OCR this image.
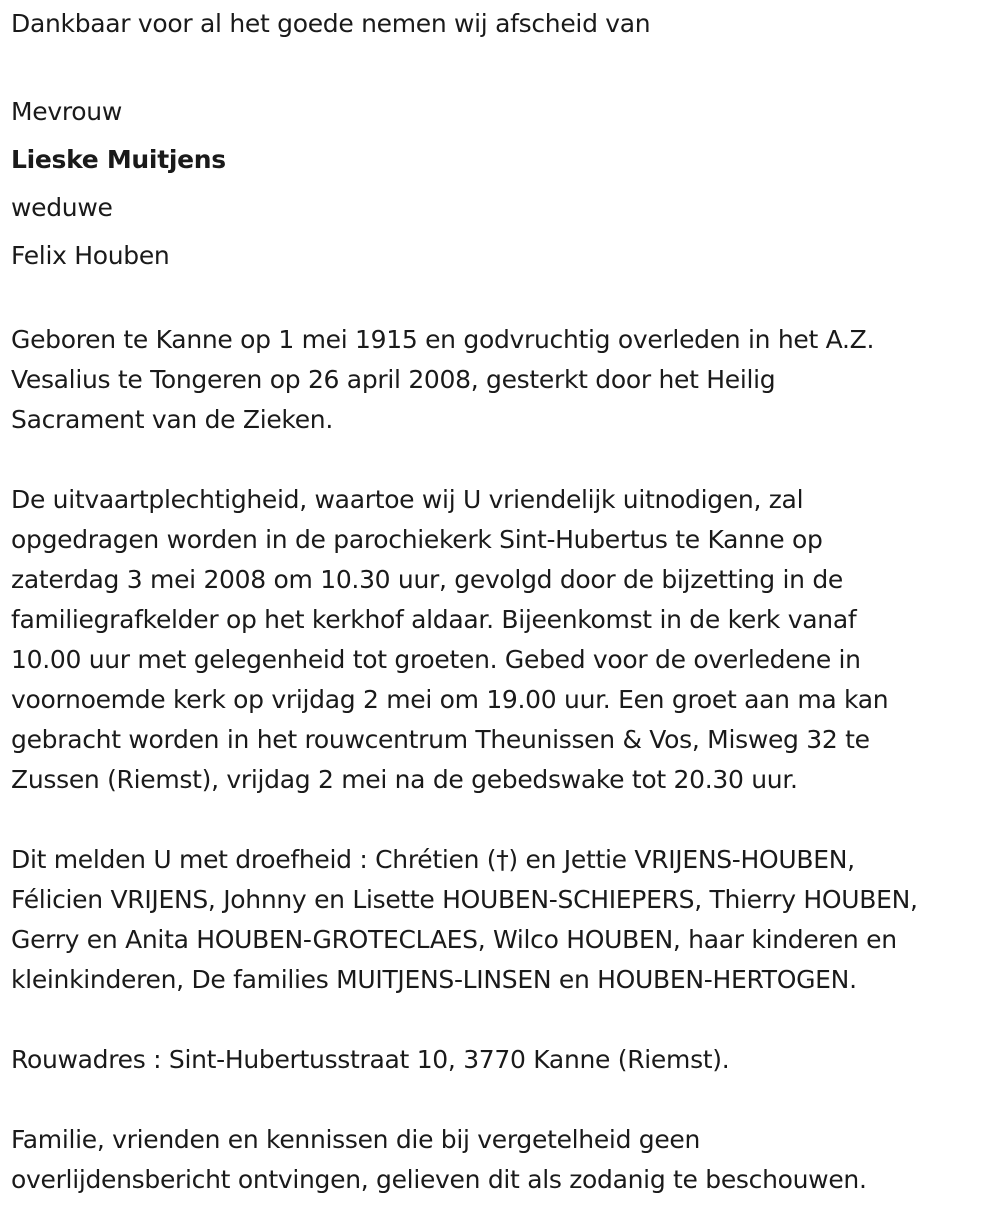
Dankbaar voor al het goede nemen wij afscheid van
Mevrouw
Lieske Muitjens
weduwe
Felix Houben
Geboren te Kanne op 1 mei 1915 en godvruchtig overleden in het A.Z.
Vesalius te Tongeren op 26 april 2008, gesterkt door het Heilig
Sacrament van de Zieken.
De uitvaartplechtigheid, waartoe wij U vriendelijk uitnodigen, zal
opgedragen worden in de parochiekerk Sint-Hubertus te Kanne op
zaterdag 3 mei 2008 om 10.30 uur, gevolgd door de bijzetting in de
familiegrafkelder op het kerkhof aldaar. Bijeenkomst in de kerk vanaf
10.00 uur met gelegenheid tot groeten. Gebed voor de overledene in
voornoemde kerk op vrijdag 2 mei om 19.00 uur. Een groet aan ma kan
gebracht worden in het rouwcentrum Theunissen & Vos, Misweg 32 te
Zussen (Riemst), vrijdag 2 mei na de gebedswake tot 20.30 uur.
Dit melden U met droefheid : Chrétien (†) en Jettie VRIJENS-HOUBEN,
Félicien VRIJENS, Johnny en Lisette HOUBEN-SCHIEPERS, Thierry HOUBEN,
Gerry en Anita HOUBEN-GROTECLAES, Wilco HOUBEN, haar kinderen en
kleinkinderen, De families MUITJENS-LINSEN en HOUBEN-HERTOGEN.
Rouwadres : Sint-Hubertusstraat 10, 3770 Kanne (Riemst).
Familie, vrienden en kennissen die bij vergetelheid geen
overlijdensbericht ontvingen, gelieven dit als zodanig te beschouwen.
